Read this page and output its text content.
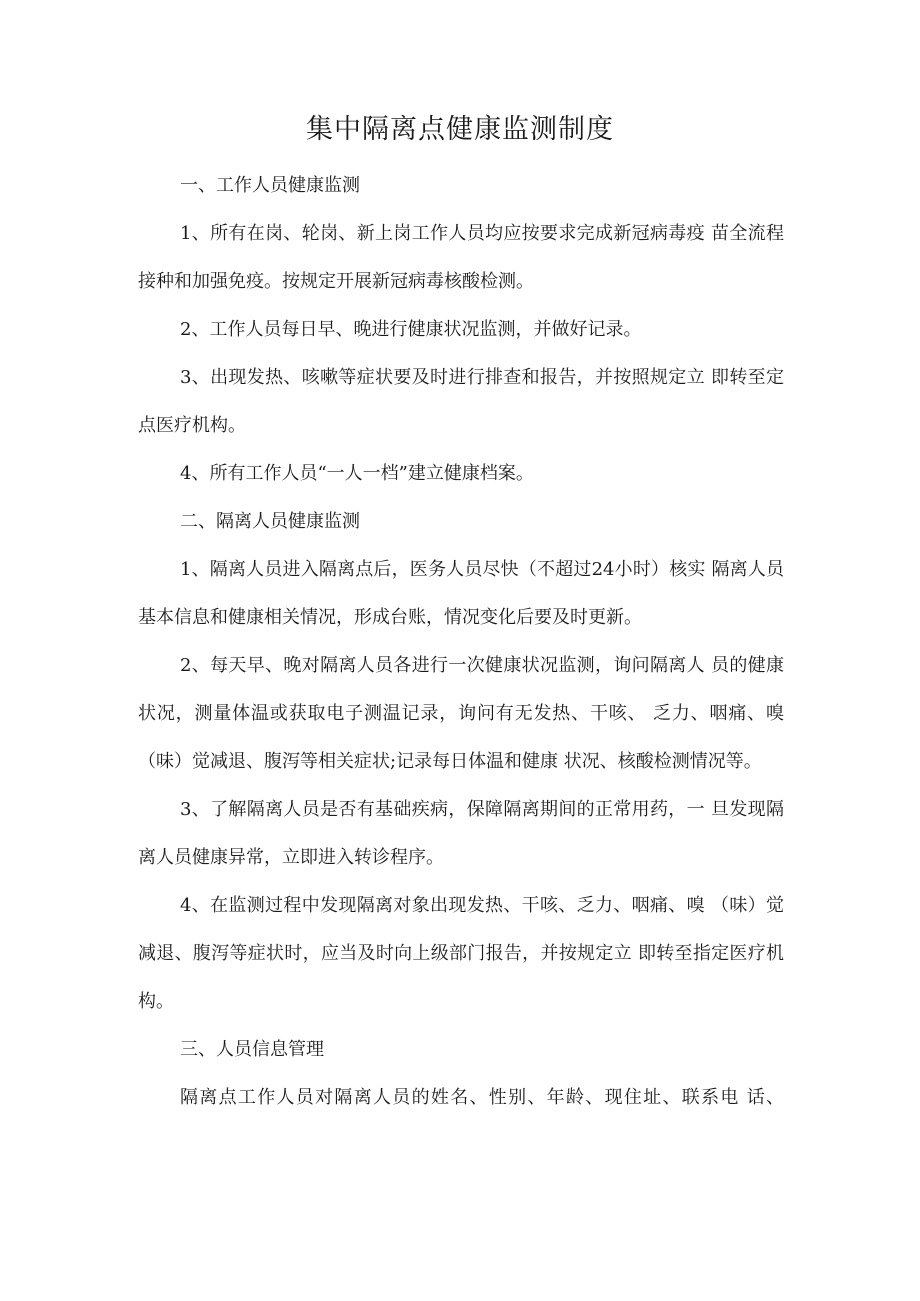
集中隔离点健康监测制度

一、工作人员健康监测

1、所有在岗、轮岗、新上岗工作人员均应按要求完成新冠病毒疫 苗全流程接种和加强免疫。按规定开展新冠病毒核酸检测。

2、工作人员每日早、晚进行健康状况监测，并做好记录。

3、出现发热、咳嗽等症状要及时进行排查和报告，并按照规定立 即转至定点医疗机构。

4、所有工作人员“一人一档”建立健康档案。

二、隔离人员健康监测

1、隔离人员进入隔离点后，医务人员尽快（不超过24小时）核实 隔离人员基本信息和健康相关情况，形成台账，情况变化后要及时更新。

2、每天早、晚对隔离人员各进行一次健康状况监测，询问隔离人 员的健康状况，测量体温或获取电子测温记录，询问有无发热、干咳、 乏力、咽痛、嗅（味）觉减退、腹泻等相关症状;记录每日体温和健康 状况、核酸检测情况等。

3、了解隔离人员是否有基础疾病，保障隔离期间的正常用药，一 旦发现隔离人员健康异常，立即进入转诊程序。

4、在监测过程中发现隔离对象出现发热、干咳、乏力、咽痛、嗅 （味）觉减退、腹泻等症状时，应当及时向上级部门报告，并按规定立 即转至指定医疗机构。

三、人员信息管理

隔离点工作人员对隔离人员的姓名、性别、年龄、现住址、联系电 话、
